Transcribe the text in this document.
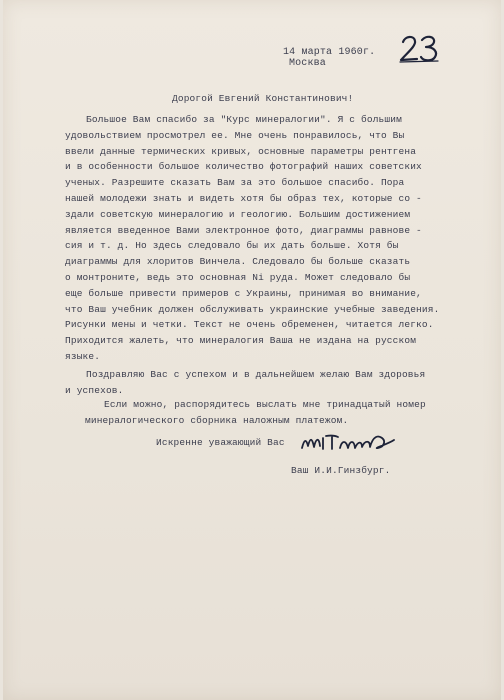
14 марта 1960г.
Москва
Дорогой Евгений Константинович!
Большое Вам спасибо за "Курс минералогии". Я с большим
удовольствием просмотрел ее. Мне очень понравилось, что Вы
ввели данные термических кривых, основные параметры рентгена
и в особенности большое количество фотографий наших советских
ученых. Разрешите сказать Вам за это большое спасибо. Пора
нашей молодежи знать и видеть хотя бы образ тех, которые со -
здали советскую минералогию и геологию. Большим достижением
является введенное Вами электронное фото, диаграммы равнове -
сия и т. д. Но здесь следовало бы их дать больше. Хотя бы
диаграммы для хлоритов Винчела. Следовало бы больше сказать
о монтроните, ведь это основная Ni руда. Может следовало бы
еще больше привести примеров с Украины, принимая во внимание,
что Ваш учебник должен обслуживать украинские учебные заведения.
Рисунки мены и четки. Текст не очень обременен, читается легко.
Приходится жалеть, что минералогия Ваша не издана на русском
языке.
Поздравляю Вас с успехом и в дальнейшем желаю Вам здоровья
и успехов.
Если можно, распорядитесь выслать мне тринадцатый номер
минералогического сборника наложным платежом.
Искренне уважающий Вас
Ваш И.И.Гинзбург.
